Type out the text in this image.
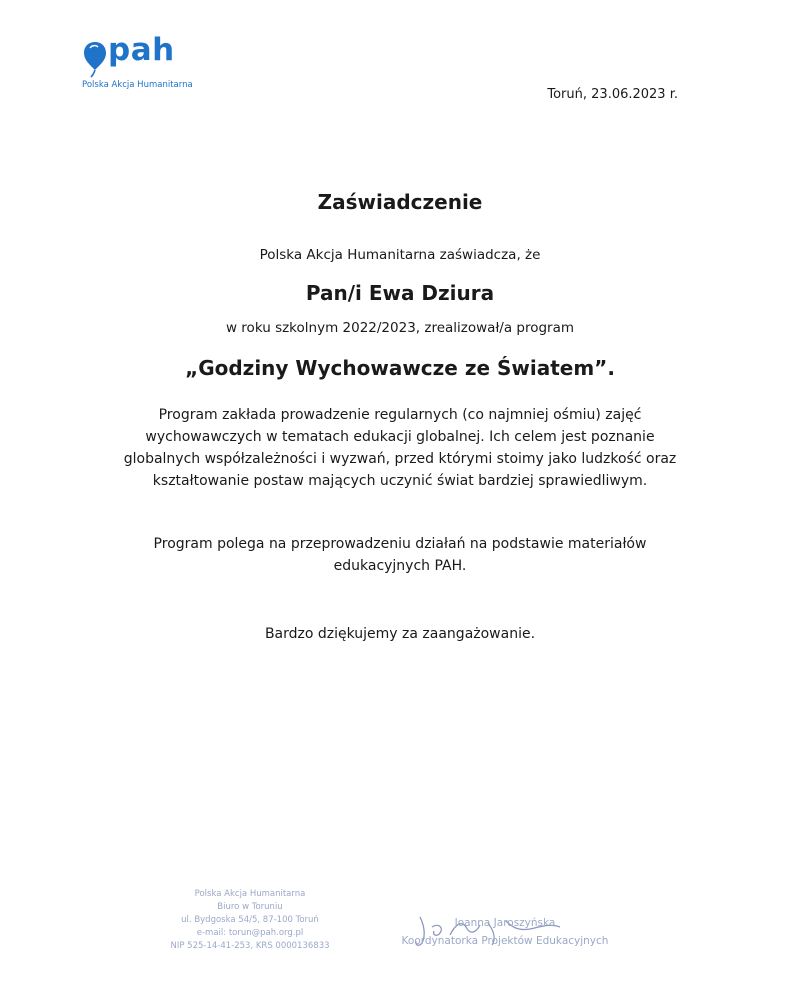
pah
Polska Akcja Humanitarna
Toruń, 23.06.2023 r.
Zaświadczenie
Polska Akcja Humanitarna zaświadcza, że
Pan/i Ewa Dziura
w roku szkolnym 2022/2023, zrealizował/a program
„Godziny Wychowawcze ze Światem”.
Program zakłada prowadzenie regularnych (co najmniej ośmiu) zajęć wychowawczych w tematach edukacji globalnej. Ich celem jest poznanie globalnych współzależności i wyzwań, przed którymi stoimy jako ludzkość oraz kształtowanie postaw mających uczynić świat bardziej sprawiedliwym.
Program polega na przeprowadzeniu działań na podstawie materiałów edukacyjnych PAH.
Bardzo dziękujemy za zaangażowanie.
Polska Akcja Humanitarna
Biuro w Toruniu
ul. Bydgoska 54/5, 87-100 Toruń
e-mail: torun@pah.org.pl
NIP 525-14-41-253, KRS 0000136833
Joanna Jaroszyńska
Koordynatorka Projektów Edukacyjnych
